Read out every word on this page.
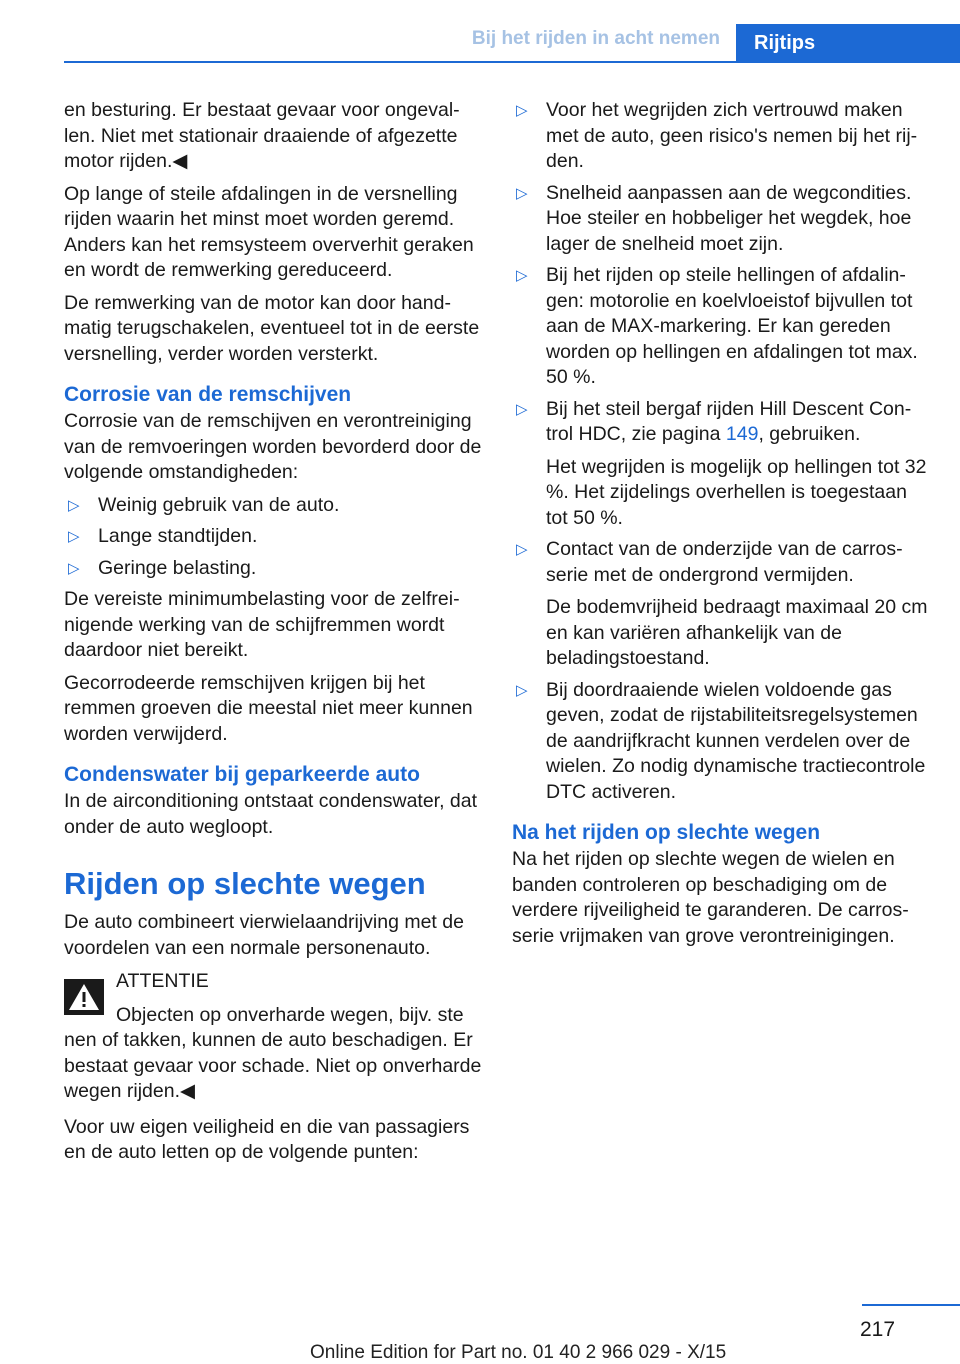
Bij het rijden in acht nemen	Rijtips

en besturing. Er bestaat gevaar voor ongevallen. Niet met stationair draaiende of afgezette motor rijden.◀

Op lange of steile afdalingen in de versnelling rijden waarin het minst moet worden geremd. Anders kan het remsysteem oververhit geraken en wordt de remwerking gereduceerd.

De remwerking van de motor kan door handmatig terugschakelen, eventueel tot in de eerste versnelling, verder worden versterkt.

Corrosie van de remschijven

Corrosie van de remschijven en verontreiniging van de remvoeringen worden bevorderd door de volgende omstandigheden:

▷ Weinig gebruik van de auto.
▷ Lange standtijden.
▷ Geringe belasting.

De vereiste minimumbelasting voor de zelfreinigende werking van de schijfremmen wordt daardoor niet bereikt.

Gecorrodeerde remschijven krijgen bij het remmen groeven die meestal niet meer kunnen worden verwijderd.

Condenswater bij geparkeerde auto

In de airconditioning ontstaat condenswater, dat onder de auto wegloopt.

Rijden op slechte wegen

De auto combineert vierwielaandrijving met de voordelen van een normale personenauto.

ATTENTIE
Objecten op onverharde wegen, bijv. ste
nen of takken, kunnen de auto beschadigen. Er bestaat gevaar voor schade. Niet op onverharde wegen rijden.◀

Voor uw eigen veiligheid en die van passagiers en de auto letten op de volgende punten:

▷ Voor het wegrijden zich vertrouwd maken met de auto, geen risico's nemen bij het rijden.
▷ Snelheid aanpassen aan de wegcondities. Hoe steiler en hobbeliger het wegdek, hoe lager de snelheid moet zijn.
▷ Bij het rijden op steile hellingen of afdalingen: motorolie en koelvloeistof bijvullen tot aan de MAX-markering. Er kan gereden worden op hellingen en afdalingen tot max. 50 %.
▷ Bij het steil bergaf rijden Hill Descent Control HDC, zie pagina 149, gebruiken.
Het wegrijden is mogelijk op hellingen tot 32 %. Het zijdelings overhellen is toegestaan tot 50 %.
▷ Contact van de onderzijde van de carrosserie met de ondergrond vermijden.
De bodemvrijheid bedraagt maximaal 20 cm en kan variëren afhankelijk van de beladingstoestand.
▷ Bij doordraaiende wielen voldoende gas geven, zodat de rijstabiliteitsregelsystemen de aandrijfkracht kunnen verdelen over de wielen. Zo nodig dynamische tractiecontrole DTC activeren.
Na het rijden op slechte wegen

Na het rijden op slechte wegen de wielen en banden controleren op beschadiging om de verdere rijveiligheid te garanderen. De carrosserie vrijmaken van grove verontreinigingen.

217
Online Edition for Part no. 01 40 2 966 029 - X/15
